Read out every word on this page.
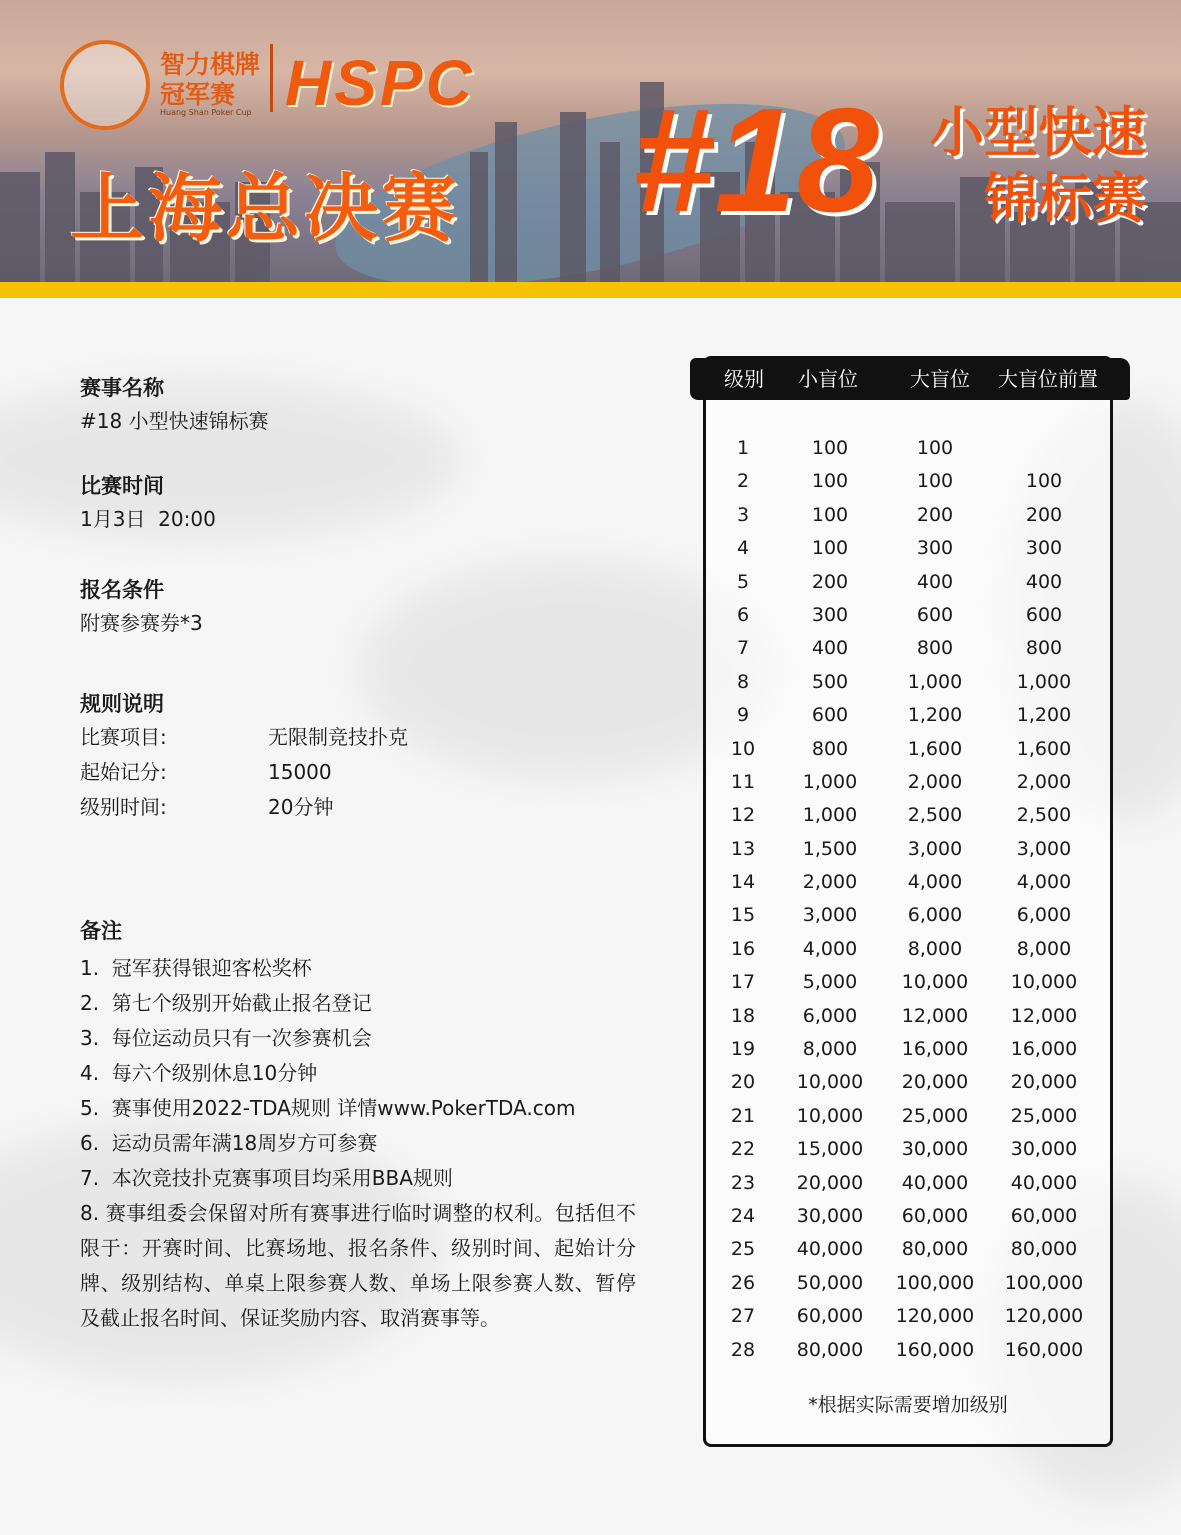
智力棋牌冠军赛
Huang Shan Poker Cup HSPC
上海总决赛 #18 小型快速
锦标赛

赛事名称

#18 小型快速锦标赛

比赛时间

1月3日  20:00

报名条件

附赛参赛券*3

规则说明

比赛项目:	无限制竞技扑克
起始记分:	15000
级别时间:	20分钟

备注

1.  冠军获得银迎客松奖杯

2.  第七个级别开始截止报名登记

3.  每位运动员只有一次参赛机会

4.  每六个级别休息10分钟

5.  赛事使用2022-TDA规则 详情www.PokerTDA.com

6.  运动员需年满18周岁方可参赛

7.  本次竞技扑克赛事项目均采用BBA规则

8. 赛事组委会保留对所有赛事进行临时调整的权利。包括但不限于：开赛时间、比赛场地、报名条件、级别时间、起始计分牌、级别结构、单桌上限参赛人数、单场上限参赛人数、暂停及截止报名时间、保证奖励内容、取消赛事等。

级别 小盲位	大盲位 大盲位前置
1	100	100
2	100	100	100
3	100	200	200
4	100	300	300
5	200	400	400
6	300	600	600
7	400	800	800
8	500	1,000	1,000
9	600	1,200	1,200
10	800	1,600	1,600
11	1,000	2,000	2,000
12	1,000	2,500	2,500
13	1,500	3,000	3,000
14	2,000	4,000	4,000
15	3,000	6,000	6,000
16	4,000	8,000	8,000
17	5,000	10,000	10,000
18	6,000	12,000	12,000
19	8,000	16,000	16,000
20	10,000	20,000	20,000
21	10,000	25,000	25,000
22	15,000	30,000	30,000
23	20,000	40,000	40,000
24	30,000	60,000	60,000
25	40,000	80,000	80,000
26	50,000	100,000	100,000
27	60,000	120,000	120,000
28	80,000	160,000	160,000
*根据实际需要增加级别
